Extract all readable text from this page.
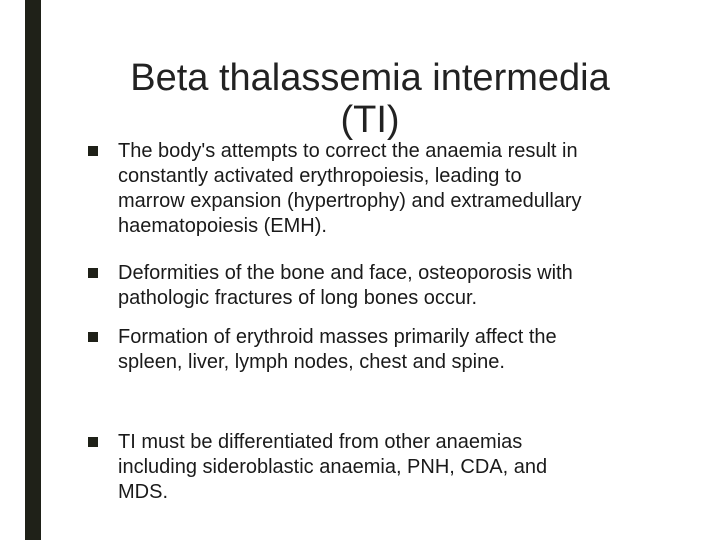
Beta thalassemia intermedia
(TI)
The body's attempts to correct the anaemia result in
constantly activated erythropoiesis, leading to
marrow expansion (hypertrophy) and extramedullary
haematopoiesis (EMH).
Deformities of the bone and face, osteoporosis with
pathologic fractures of long bones occur.
Formation of erythroid masses primarily affect the
spleen, liver, lymph nodes, chest and spine.
TI must be differentiated from other anaemias
including sideroblastic anaemia, PNH, CDA, and
MDS.
